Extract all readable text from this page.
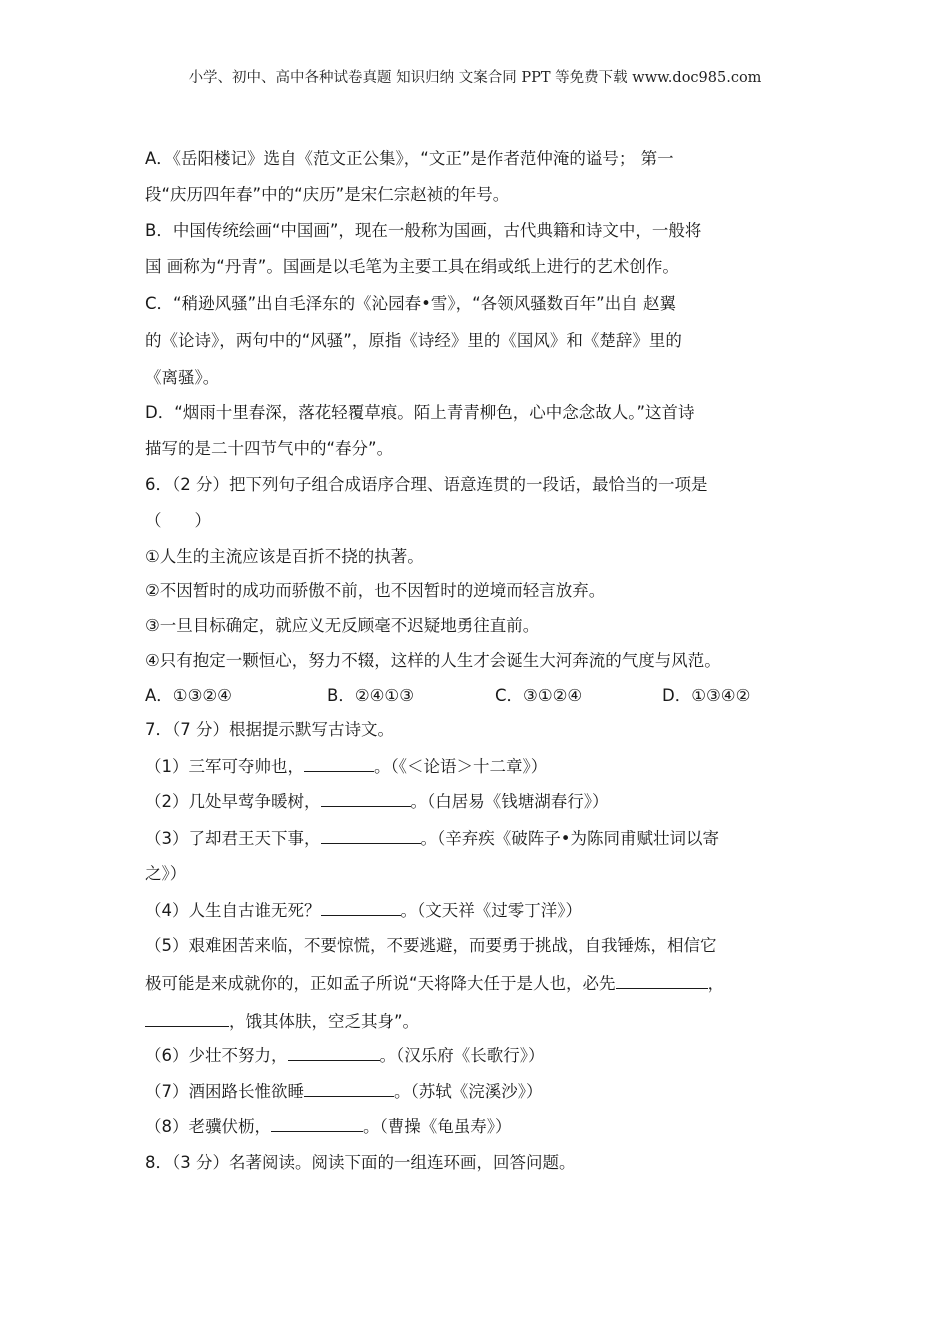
小学、初中、高中各种试卷真题 知识归纳 文案合同 PPT 等免费下载 www.doc985.com
A．《岳阳楼记》选自《范文正公集》，“文正”是作者范仲淹的谥号； 第一
段“庆历四年春”中的“庆历”是宋仁宗赵祯的年号。
B．中国传统绘画“中国画”，现在一般称为国画，古代典籍和诗文中，一般将
国 画称为“丹青”。国画是以毛笔为主要工具在绢或纸上进行的艺术创作。
C．“稍逊风骚”出自毛泽东的《沁园春•雪》，“各领风骚数百年”出自 赵翼
的《论诗》，两句中的“风骚”，原指《诗经》里的《国风》和《楚辞》里的
《离骚》。
D．“烟雨十里春深，落花轻覆草痕。陌上青青柳色，心中念念故人。”这首诗
描写的是二十四节气中的“春分”。
6．（2 分）把下列句子组合成语序合理、语意连贯的一段话，最恰当的一项是
（　　）
①人生的主流应该是百折不挠的执著。
②不因暂时的成功而骄傲不前，也不因暂时的逆境而轻言放弃。
③一旦目标确定，就应义无反顾毫不迟疑地勇往直前。
④只有抱定一颗恒心，努力不辍，这样的人生才会诞生大河奔流的气度与风范。
A．①③②④	B．②④①③	C．③①②④	D．①③④②
7．（7 分）根据提示默写古诗文。
（1）三军可夺帅也，	。（《＜论语＞十二章》）
（2）几处早莺争暖树，	。（白居易《钱塘湖春行》）
（3）了却君王天下事，	。（辛弃疾《破阵子•为陈同甫赋壮词以寄
之》）
（4）人生自古谁无死？	。（文天祥《过零丁洋》）
（5）艰难困苦来临，不要惊慌，不要逃避，而要勇于挑战，自我锤炼，相信它
极可能是来成就你的，正如孟子所说“天将降大任于是人也，必先	，
，饿其体肤，空乏其身”。
（6）少壮不努力，	。（汉乐府《长歌行》）
（7）酒困路长惟欲睡	。（苏轼《浣溪沙》）
（8）老骥伏枥，	。（曹操《龟虽寿》）
8．（3 分）名著阅读。阅读下面的一组连环画，回答问题。
